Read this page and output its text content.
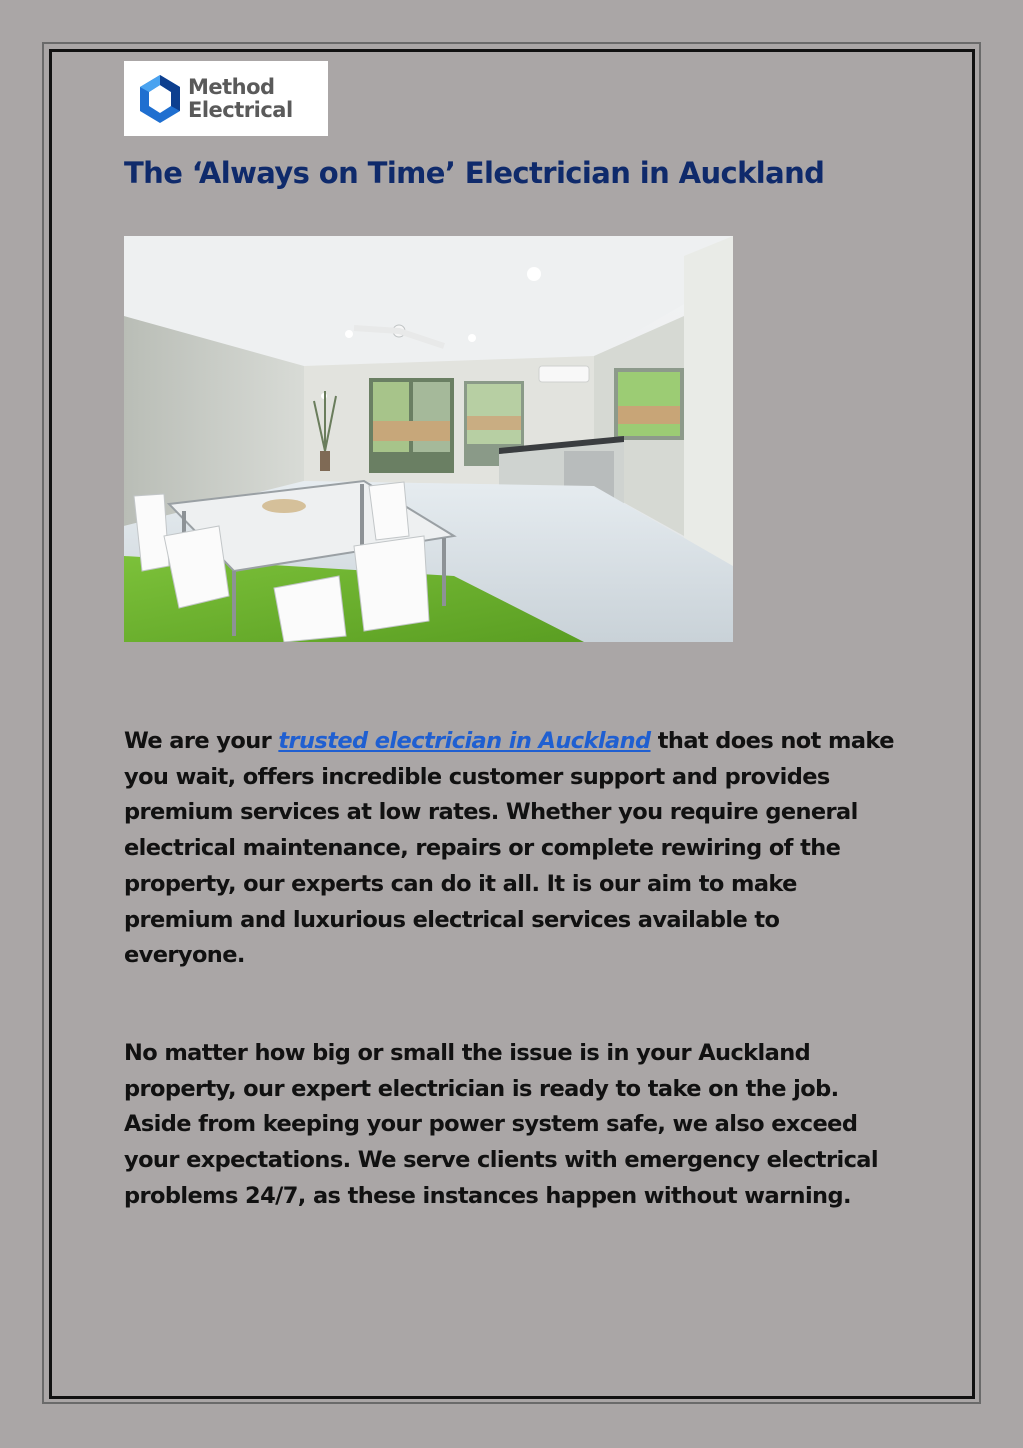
Method
Electrical
The ‘Always on Time’ Electrician in Auckland

We are your trusted electrician in Auckland that does not make you wait, offers incredible customer support and provides premium services at low rates. Whether you require general electrical maintenance, repairs or complete rewiring of the property, our experts can do it all. It is our aim to make premium and luxurious electrical services available to everyone.

No matter how big or small the issue is in your Auckland property, our expert electrician is ready to take on the job. Aside from keeping your power system safe, we also exceed your expectations. We serve clients with emergency electrical problems 24/7, as these instances happen without warning.
